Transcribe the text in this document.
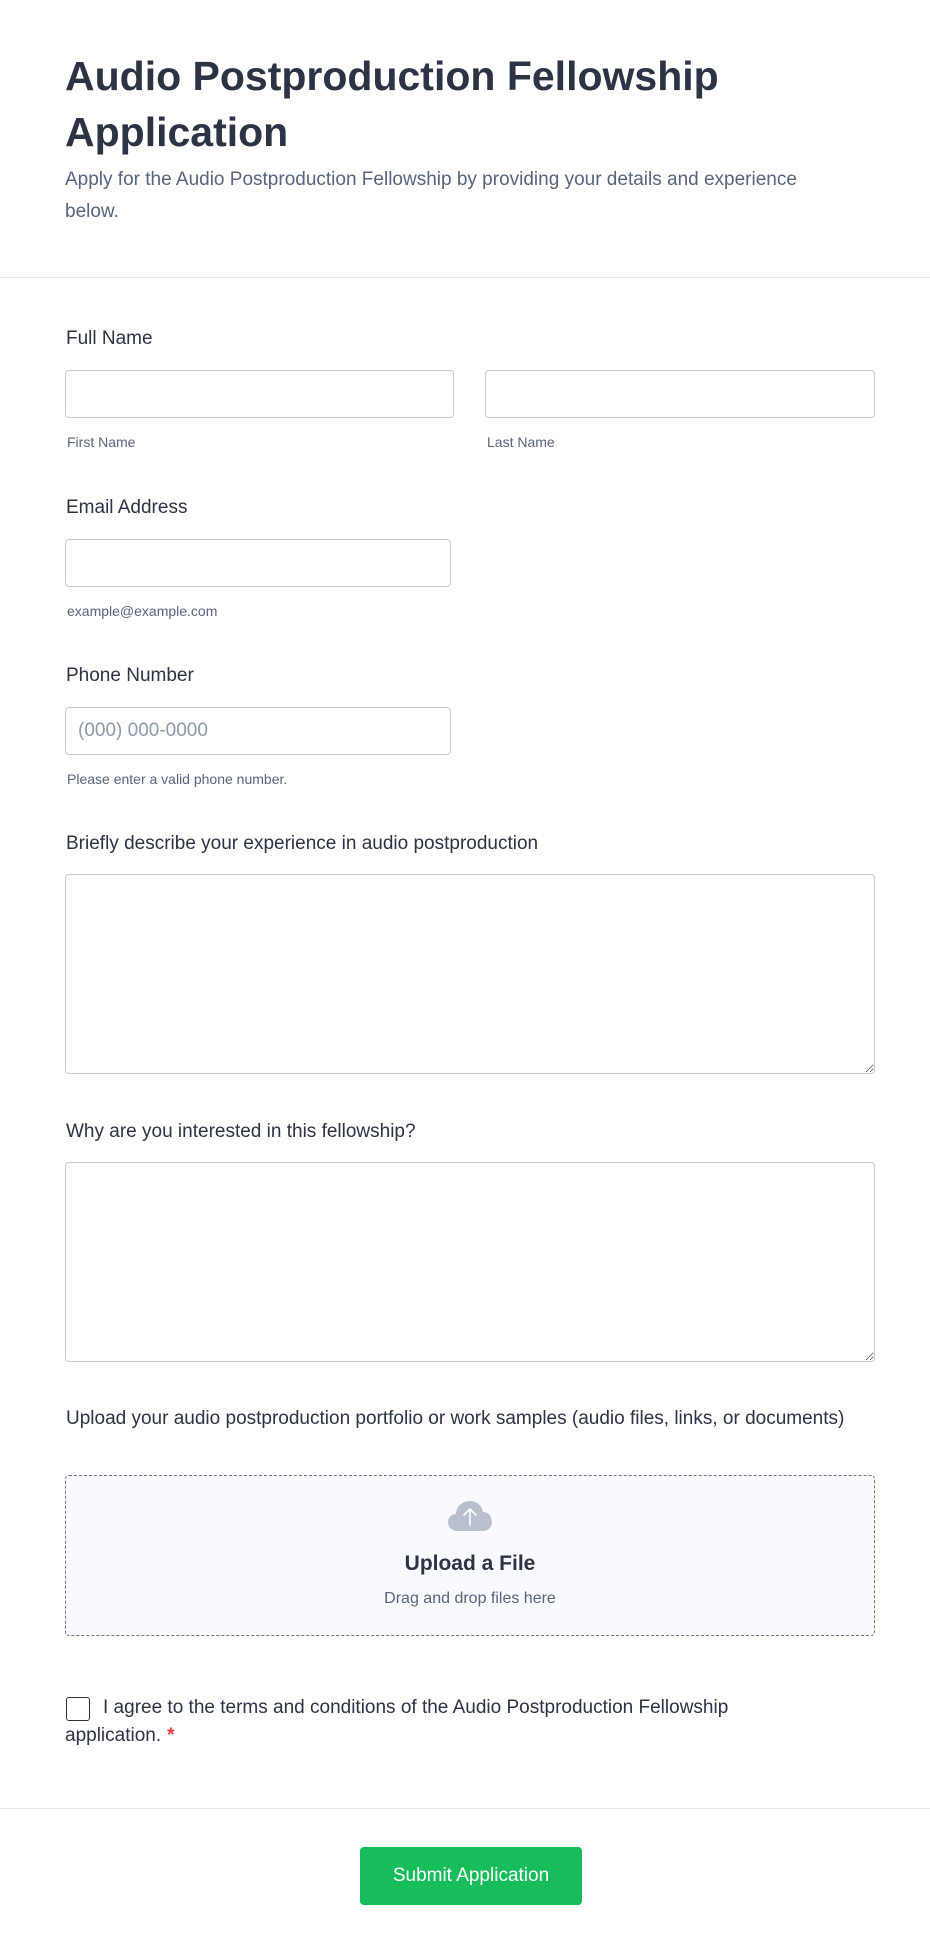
Audio Postproduction Fellowship Application
Apply for the Audio Postproduction Fellowship by providing your details and experience below.
Full Name
First Name	Last Name
Email Address
example@example.com
Phone Number
(000) 000-0000
Please enter a valid phone number.
Briefly describe your experience in audio postproduction
Why are you interested in this fellowship?
Upload your audio postproduction portfolio or work samples (audio files, links, or documents)
Upload a File
Drag and drop files here
I agree to the terms and conditions of the Audio Postproduction Fellowship application. *
Submit Application
